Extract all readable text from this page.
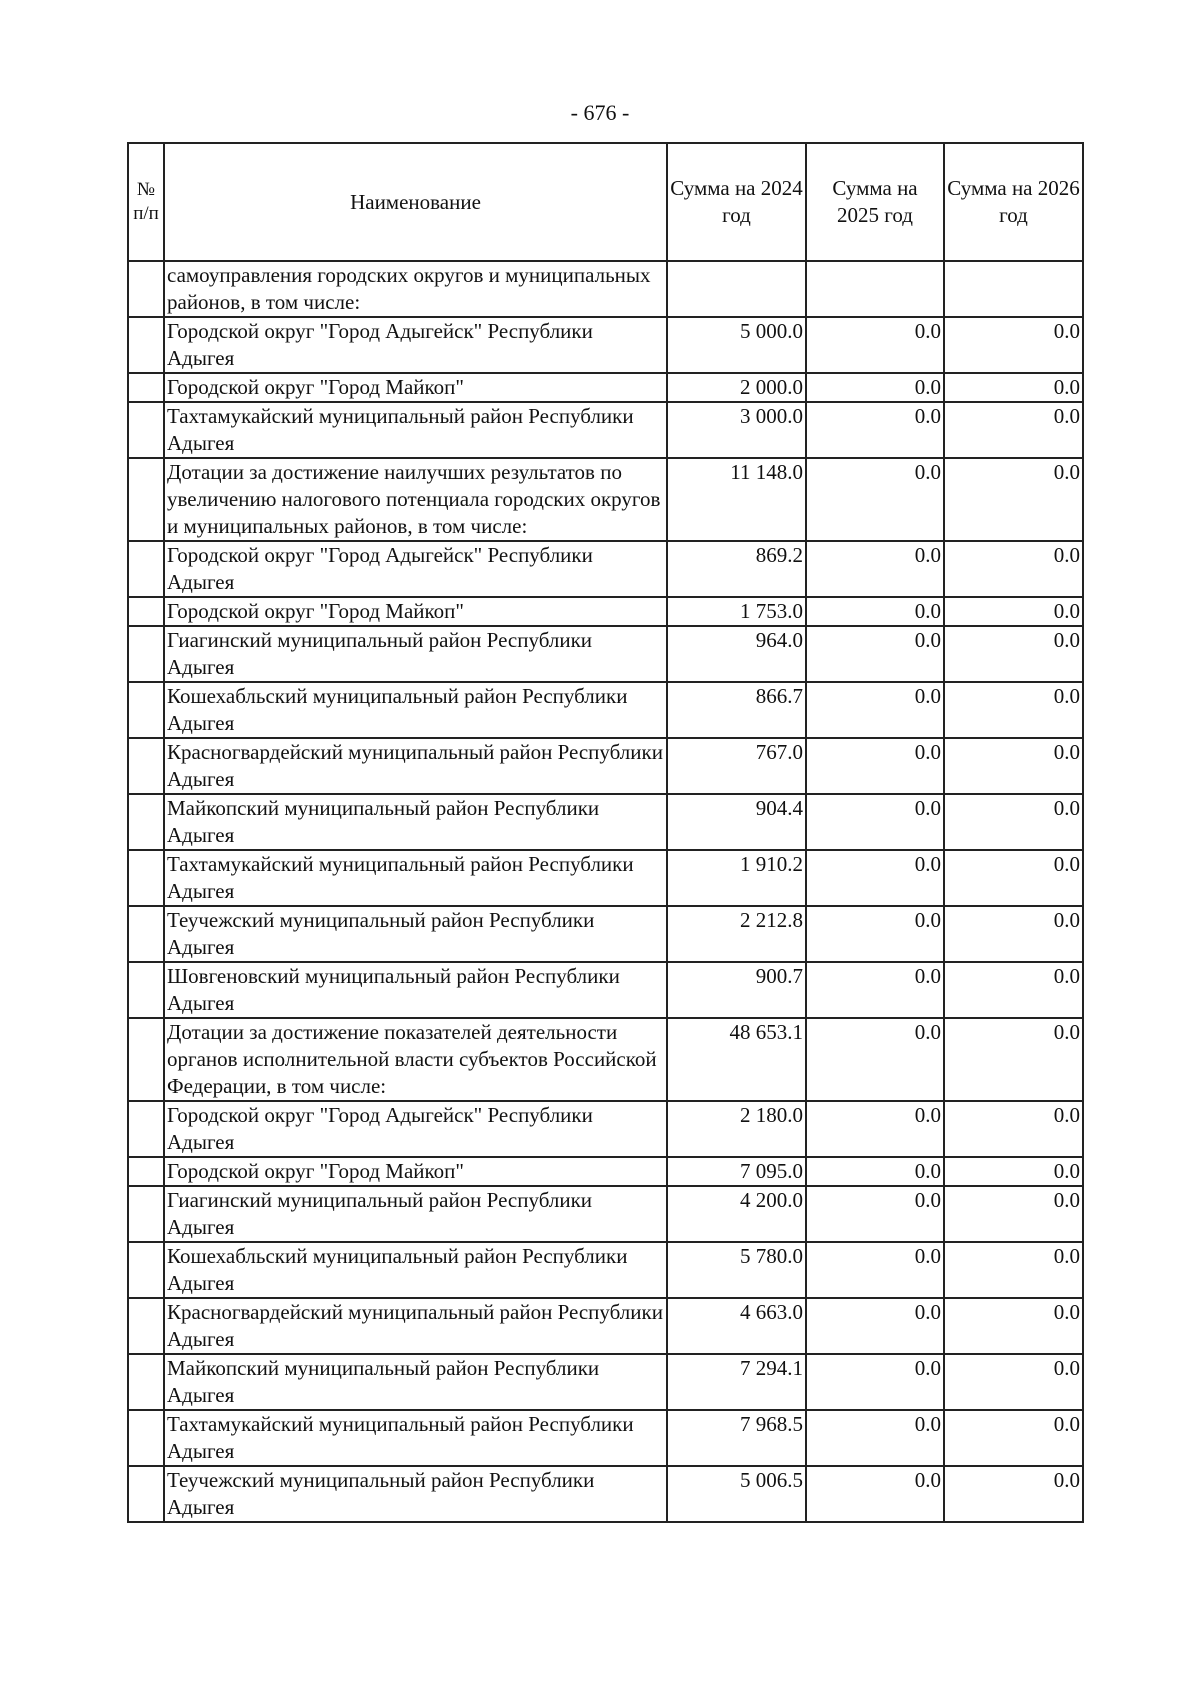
- 676 -
№ п/п	Наименование	Сумма на 2024 год	Сумма на 2025 год	Сумма на 2026 год
	самоуправления городских округов и муниципальных районов, в том числе:			
	Городской округ "Город Адыгейск" Республики Адыгея	5 000.0	0.0	0.0
	Городской округ "Город Майкоп"	2 000.0	0.0	0.0
	Тахтамукайский муниципальный район Республики Адыгея	3 000.0	0.0	0.0
	Дотации за достижение наилучших результатов по увеличению налогового потенциала городских округов и муниципальных районов, в том числе:	11 148.0	0.0	0.0
	Городской округ "Город Адыгейск" Республики Адыгея	869.2	0.0	0.0
	Городской округ "Город Майкоп"	1 753.0	0.0	0.0
	Гиагинский муниципальный район Республики Адыгея	964.0	0.0	0.0
	Кошехабльский муниципальный район Республики Адыгея	866.7	0.0	0.0
	Красногвардейский муниципальный район Республики Адыгея	767.0	0.0	0.0
	Майкопский муниципальный район Республики Адыгея	904.4	0.0	0.0
	Тахтамукайский муниципальный район Республики Адыгея	1 910.2	0.0	0.0
	Теучежский муниципальный район Республики Адыгея	2 212.8	0.0	0.0
	Шовгеновский муниципальный район Республики Адыгея	900.7	0.0	0.0
	Дотации за достижение показателей деятельности органов исполнительной власти субъектов Российской Федерации, в том числе:	48 653.1	0.0	0.0
	Городской округ "Город Адыгейск" Республики Адыгея	2 180.0	0.0	0.0
	Городской округ "Город Майкоп"	7 095.0	0.0	0.0
	Гиагинский муниципальный район Республики Адыгея	4 200.0	0.0	0.0
	Кошехабльский муниципальный район Республики Адыгея	5 780.0	0.0	0.0
	Красногвардейский муниципальный район Республики Адыгея	4 663.0	0.0	0.0
	Майкопский муниципальный район Республики Адыгея	7 294.1	0.0	0.0
	Тахтамукайский муниципальный район Республики Адыгея	7 968.5	0.0	0.0
	Теучежский муниципальный район Республики Адыгея	5 006.5	0.0	0.0
